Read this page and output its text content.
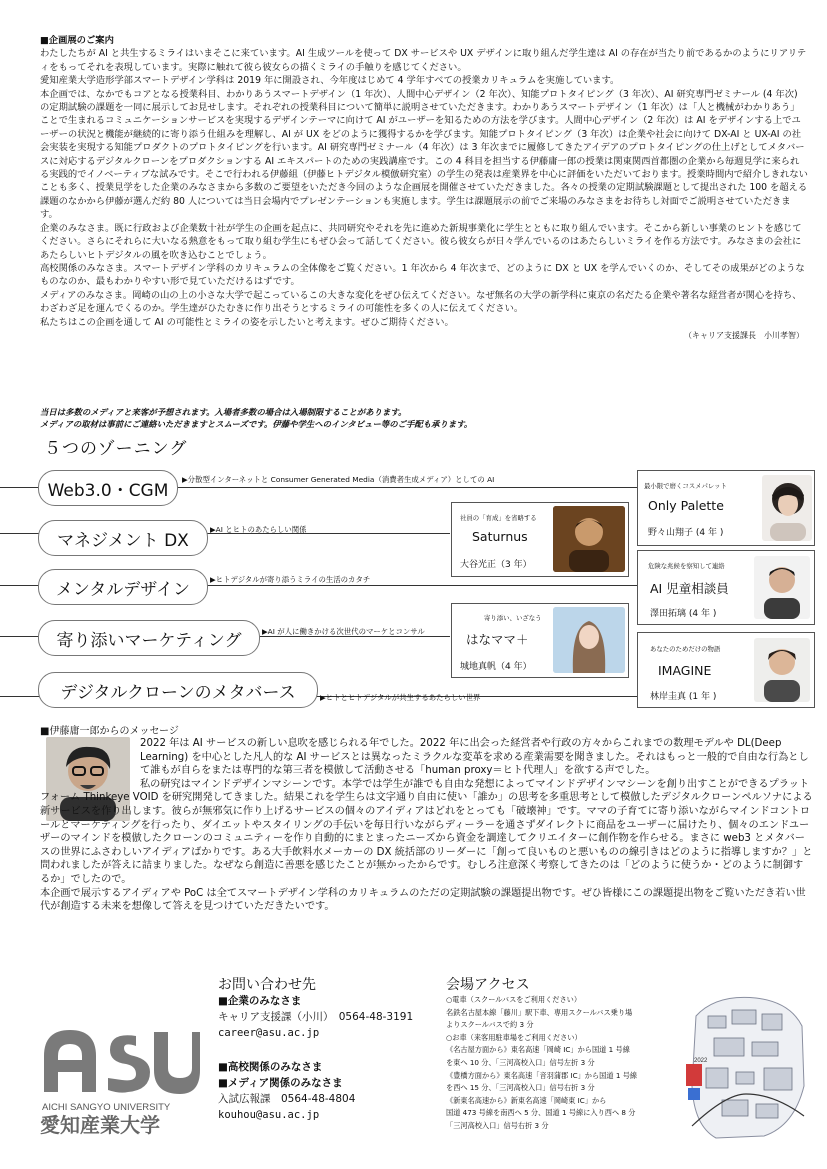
■企画展のご案内

わたしたちが AI と共生するミライはいまそこに来ています。AI 生成ツールを使って DX サービスや UX デザインに取り組んだ学生達は AI の存在が当たり前であるかのようにリアリティをもってそれを表現しています。実際に触れて彼ら彼女らの描くミライの手触りを感じてください。

愛知産業大学造形学部スマートデザイン学科は 2019 年に開設され、今年度はじめて 4 学年すべての授業カリキュラムを実施しています。

本企画では、なかでもコアとなる授業科目、わかりあうスマートデザイン（1 年次）、人間中心デザイン（2 年次）、知能プロトタイピング（3 年次）、AI 研究専門ゼミナール (4 年次) の定期試験の課題を一同に展示してお見せします。それぞれの授業科目について簡単に説明させていただきます。わかりあうスマートデザイン（1 年次）は「人と機械がわかりあう」ことで生まれるコミュニケーションサービスを実現するデザインテーマに向けて AI がユーザーを知るための方法を学びます。人間中心デザイン（2 年次）は AI をデザインする上でユーザーの状況と機能が継続的に寄り添う仕組みを理解し、AI が UX をどのように獲得するかを学びます。知能プロトタイピング（3 年次）は企業や社会に向けて DX-AI と UX-AI の社会実装を実現する知能プロダクトのプロトタイピングを行います。AI 研究専門ゼミナール（4 年次）は 3 年次までに履修してきたアイデアのプロトタイピングの仕上げとしてメタバースに対応するデジタルクローンをプロダクションする AI エキスパートのための実践講座です。この 4 科目を担当する伊藤庸一郎の授業は関東関西首都圏の企業から毎週見学に来られる実践的でイノベーティブな試みです。そこで行われる伊藤組（伊藤ヒトデジタル模倣研究室）の学生の発表は産業界を中心に評価をいただいております。授業時間内で紹介しきれないことも多く、授業見学をした企業のみなさまから多数のご要望をいただき今回のような企画展を開催させていただきました。各々の授業の定期試験課題として提出された 100 を超える課題のなかから伊藤が選んだ約 80 人については当日会場内でプレゼンテーションも実施します。学生は課題展示の前でご来場のみなさまをお待ちし対面でご説明させていただきます。

企業のみなさま。既に行政および企業数十社が学生の企画を起点に、共同研究やそれを先に進めた新規事業化に学生とともに取り組んでいます。そこから新しい事業のヒントを感じてください。さらにそれらに大いなる熱意をもって取り組む学生にもぜひ会って話してください。彼ら彼女らが日々学んでいるのはあたらしいミライを作る方法です。みなさまの会社にあたらしいヒトデジタルの風を吹き込むことでしょう。

高校関係のみなさま。スマートデザイン学科のカリキュラムの全体像をご覧ください。1 年次から 4 年次まで、どのように DX と UX を学んでいくのか、そしてその成果がどのようなものなのか、最もわかりやすい形で見ていただけるはずです。

メディアのみなさま。岡崎の山の上の小さな大学で起こっているこの大きな変化をぜひ伝えてください。なぜ無名の大学の新学科に東京の名だたる企業や著名な経営者が関心を持ち、わざわざ足を運んでくるのか。学生達がひたむきに作り出そうとするミライの可能性を多くの人に伝えてください。

私たちはこの企画を通して AI の可能性とミライの姿を示したいと考えます。ぜひご期待ください。

（キャリア支援課長　小川孝智）

当日は多数のメディアと来客が予想されます。入場者多数の場合は入場制限することがあります。
メディアの取材は事前にご連絡いただきますとスムーズです。伊藤や学生へのインタビュー等のご手配も承ります。
５つのゾーニング
Web3.0・CGM
▶分散型インターネットと Consumer Generated Media（消費者生成メディア）としての AI
マネジメント DX
▶AI とヒトのあたらしい関係
メンタルデザイン	▶ヒトデジタルが寄り添うミライの生活のカタチ
寄り添いマーケティング	▶AI が人に働きかける次世代のマーケとコンサル
デジタルクローンのメタバース	▶ヒトとヒトデジタルが共生するあたらしい世界
最小限で磨くコスメパレット
Only Palette
野々山翔子 (4 年 )
社員の「育成」を省略する
Saturnus
大谷光正（3 年）	危険な兆候を察知して連絡
AI 児童相談員
澤田拓璃 (4 年 )
寄り添い、いざなう
はなママ＋
城地真帆（4 年）
あなたのためだけの物語
IMAGINE
林岸圭真 (1 年 )
■伊藤庸一郎からのメッセージ

2022 年は AI サービスの新しい息吹を感じられる年でした。2022 年に出会った経営者や行政の方々からこれまでの数理モデルや DL(Deep Learning) を中心とした凡人的な AI サービスとは異なったミラクルな変革を求める産業需要を聞きました。それはもっと一般的で自由な行為として誰もが自らをまたは専門的な第三者を模倣して活動させる「human proxy＝ヒト代理人」を欲する声でした。

私の研究はマインドデザインマシーンです。本学では学生が誰でも自由な発想によってマインドデザインマシーンを創り出すことができるプラットフォーム Thinkeye VOID を研究開発してきました。結果これを学生らは文字通り自由に使い「誰か」の思考を多重思考として模倣したデジタルクローンペルソナによる新サービスを作り出します。彼らが無邪気に作り上げるサービスの個々のアイディアはどれをとっても「破壊神」です。ママの子育てに寄り添いながらマインドコントロールとマーケティングを行ったり、ダイエットやスタイリングの手伝いを毎日行いながらディーラーを通さずダイレクトに商品をユーザーに届けたり、個々のエンドユーザーのマインドを模倣したクローンのコミュニティーを作り自動的にまとまったニーズから資金を調達してクリエイターに創作物を作らせる。まさに web3 とメタバースの世界にふさわしいアイディアばかりです。ある大手飲料水メーカーの DX 統括部のリーダーに「創って良いものと悪いものの線引きはどのように指導しますか？」と問われましたが答えに詰まりました。なぜなら創造に善悪を感じたことが無かったからです。むしろ注意深く考察してきたのは「どのように使うか・どのように制御するか」でしたので。

本企画で展示するアイディアや PoC は全てスマートデザイン学科のカリキュラムのただの定期試験の課題提出物です。ぜひ皆様にこの課題提出物をご覧いただき若い世代が創造する未来を想像して答えを見つけていただきたいです。

AICHI SANGYO UNIVERSITY
愛知産業大学
お問い合わせ先
■企業のみなさま
キャリア支援課（小川）　0564-48-3191
career@asu.ac.jp
■高校関係のみなさま
■メディア関係のみなさま
入試広報課　0564-48-4804
kouhou@asu.ac.jp
会場アクセス
○電車（スクールバスをご利用ください）
名鉄名古屋本線「藤川」駅下車、専用スクールバス乗り場
よりスクールバスで約 3 分
○お車（来客用駐車場をご利用ください）
《名古屋方面から》東名高速「岡崎 IC」から国道 1 号線
を東へ 10 分、「三河高校入口」信号左折 3 分
《豊橋方面から》東名高速「音羽蒲郡 IC」から国道 1 号線
を西へ 15 分、「三河高校入口」信号右折 3 分
《新東名高速から》新東名高速「岡崎東 IC」から
国道 473 号線を南西へ 5 分、国道 1 号線に入り西へ 8 分
「三河高校入口」信号右折 3 分
2022
